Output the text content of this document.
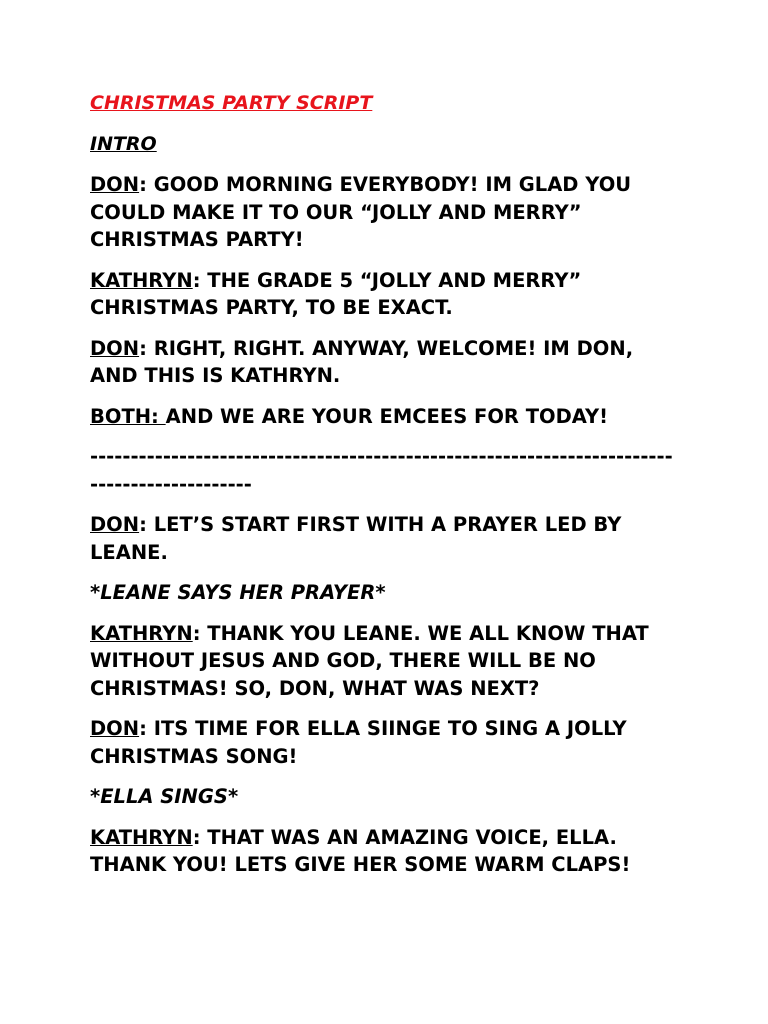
CHRISTMAS PARTY SCRIPT

INTRO

DON: GOOD MORNING EVERYBODY! IM GLAD YOU COULD MAKE IT TO OUR “JOLLY AND MERRY” CHRISTMAS PARTY!

KATHRYN: THE GRADE 5 “JOLLY AND MERRY” CHRISTMAS PARTY, TO BE EXACT.

DON: RIGHT, RIGHT. ANYWAY, WELCOME! IM DON, AND THIS IS KATHRYN.

BOTH: AND WE ARE YOUR EMCEES FOR TODAY!

--------------------------------------------------------------------------------------------

DON: LET’S START FIRST WITH A PRAYER LED BY LEANE.

*LEANE SAYS HER PRAYER*

KATHRYN: THANK YOU LEANE. WE ALL KNOW THAT WITHOUT JESUS AND GOD, THERE WILL BE NO CHRISTMAS! SO, DON, WHAT WAS NEXT?

DON: ITS TIME FOR ELLA SIINGE TO SING A JOLLY CHRISTMAS SONG!

*ELLA SINGS*

KATHRYN: THAT WAS AN AMAZING VOICE, ELLA. THANK YOU! LETS GIVE HER SOME WARM CLAPS!
